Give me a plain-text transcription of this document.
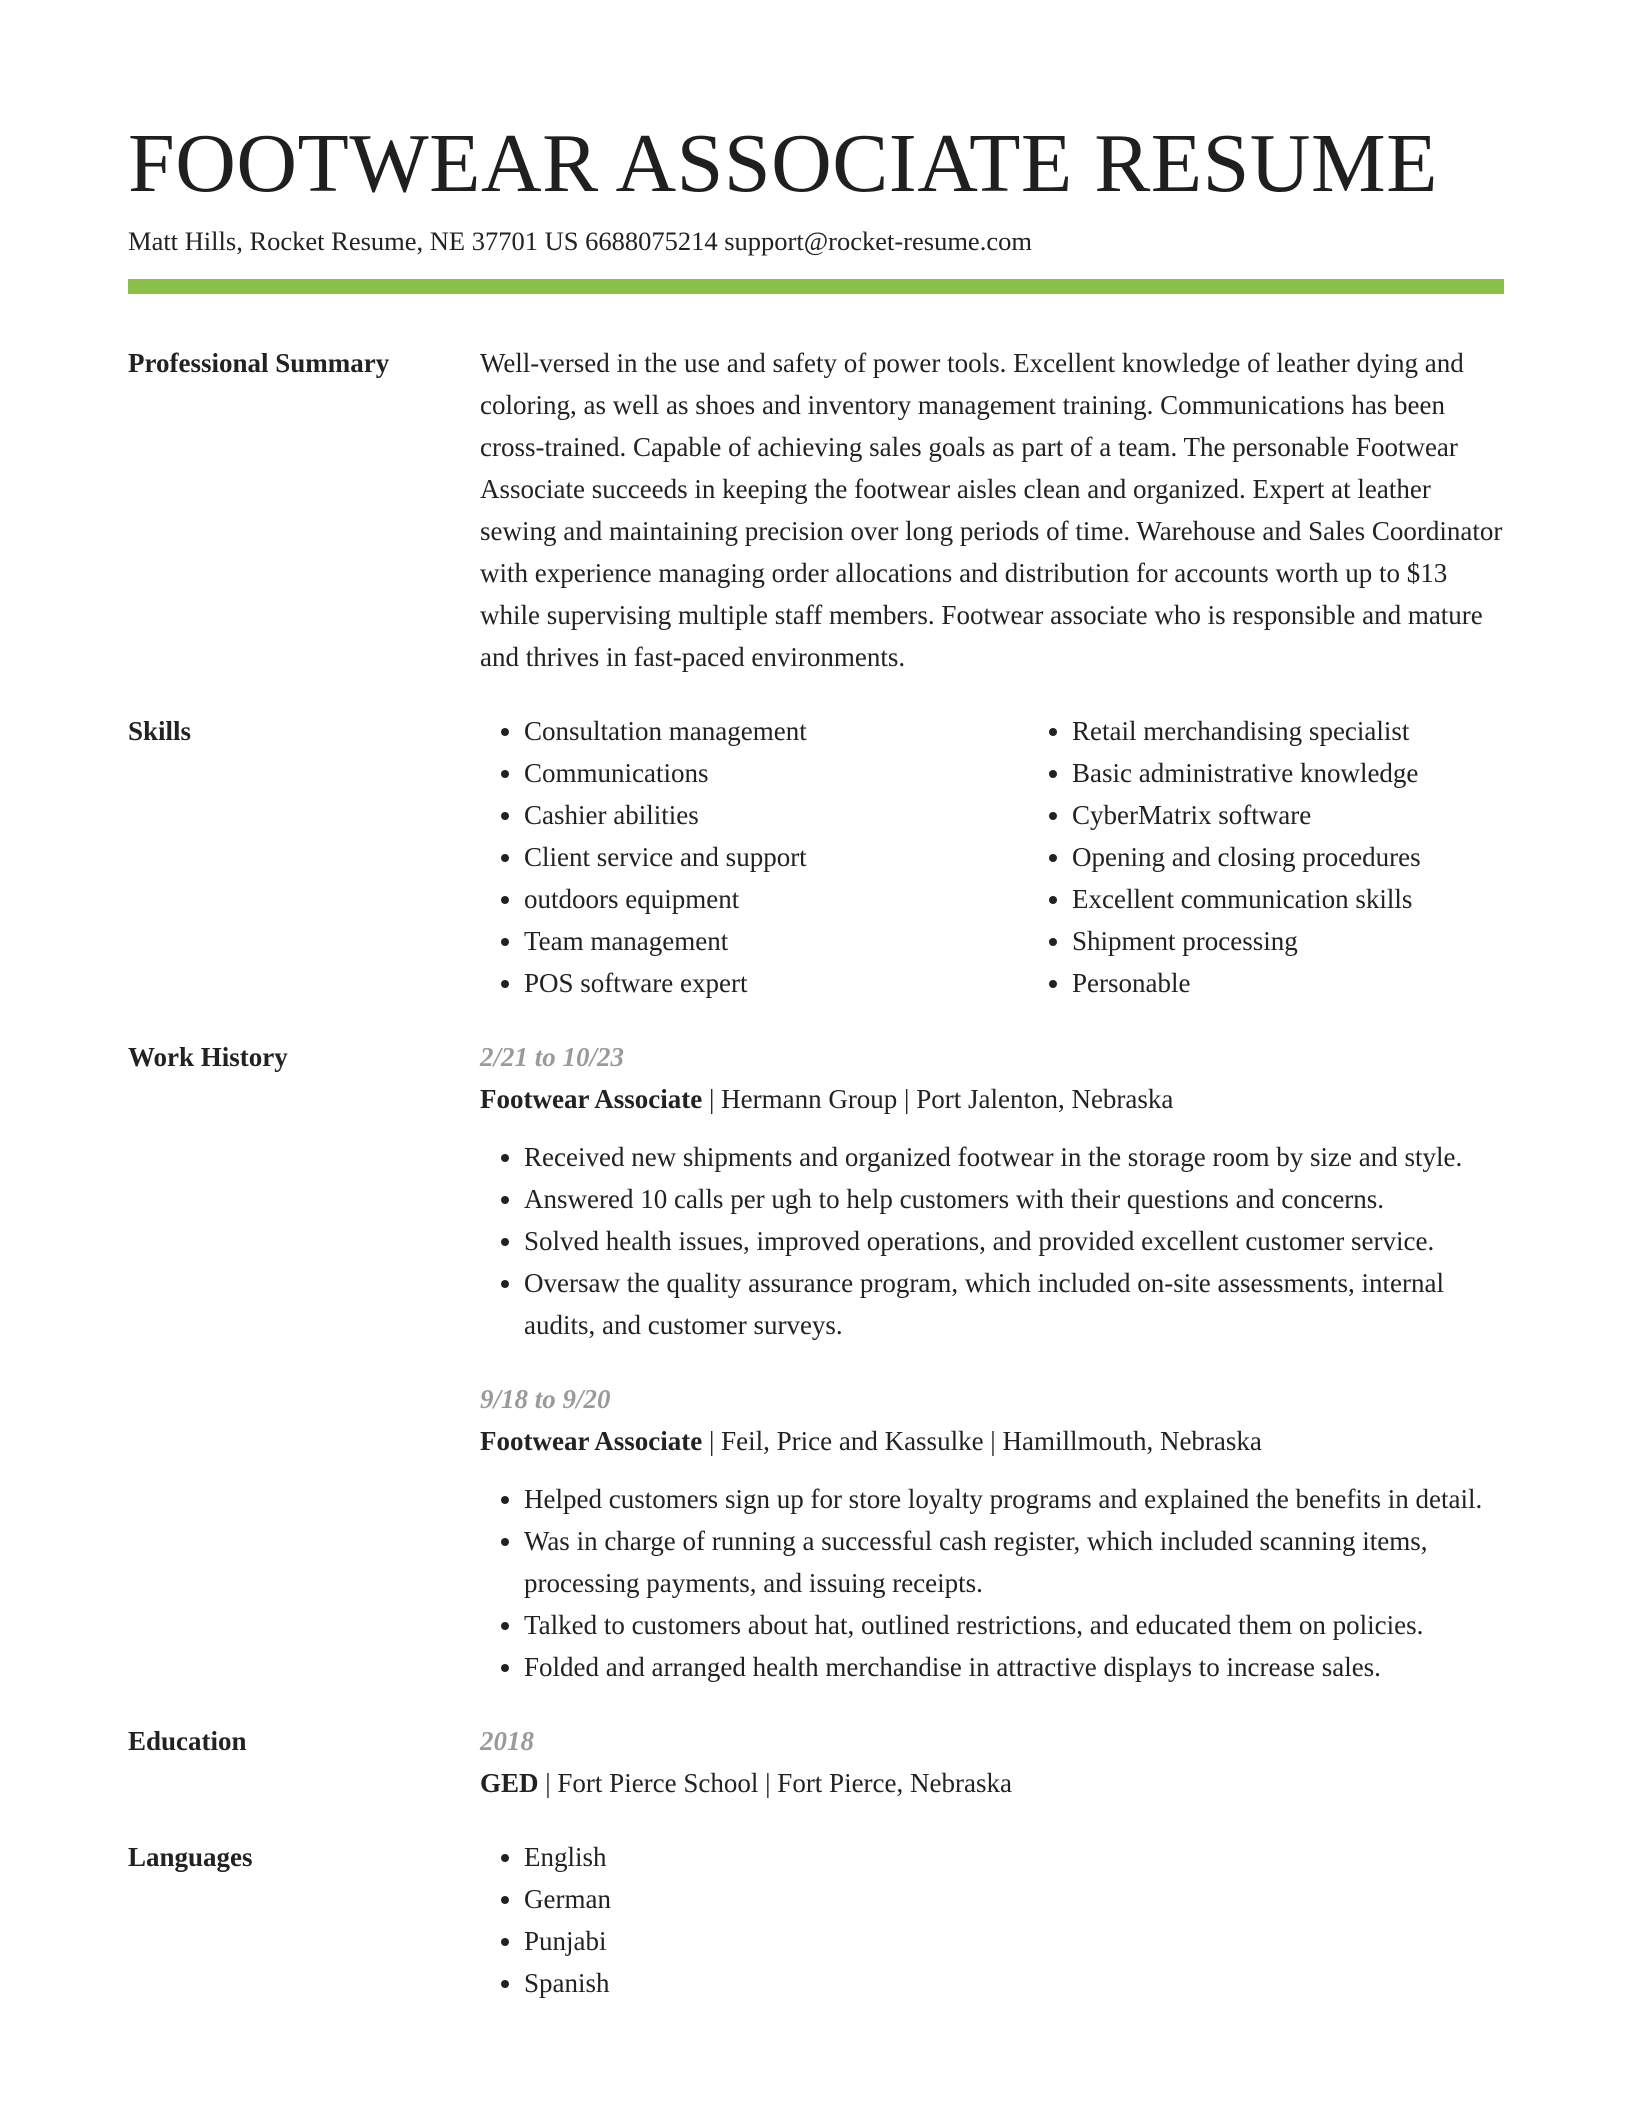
FOOTWEAR ASSOCIATE RESUME
Matt Hills, Rocket Resume, NE 37701 US 6688075214 support@rocket-resume.com
Professional Summary	Well-versed in the use and safety of power tools. Excellent knowledge of leather dying and coloring, as well as shoes and inventory management training. Communications has been cross-trained. Capable of achieving sales goals as part of a team. The personable Footwear Associate succeeds in keeping the footwear aisles clean and organized. Expert at leather sewing and maintaining precision over long periods of time. Warehouse and Sales Coordinator with experience managing order allocations and distribution for accounts worth up to $13 while supervising multiple staff members. Footwear associate who is responsible and mature and thrives in fast-paced environments.

Skills	• Consultation management
• Communications
• Cashier abilities
• Client service and support
• outdoors equipment
• Team management
• POS software expert
• Retail merchandising specialist
• Basic administrative knowledge
• CyberMatrix software
• Opening and closing procedures
• Excellent communication skills
• Shipment processing
• Personable
Work History	2/21 to 10/23
Footwear Associate | Hermann Group | Port Jalenton, Nebraska
• Received new shipments and organized footwear in the storage room by size and style.
• Answered 10 calls per ugh to help customers with their questions and concerns.
• Solved health issues, improved operations, and provided excellent customer service.
• Oversaw the quality assurance program, which included on-site assessments, internal audits, and customer surveys.
9/18 to 9/20
Footwear Associate | Feil, Price and Kassulke | Hamillmouth, Nebraska
• Helped customers sign up for store loyalty programs and explained the benefits in detail.
• Was in charge of running a successful cash register, which included scanning items, processing payments, and issuing receipts.
• Talked to customers about hat, outlined restrictions, and educated them on policies.
• Folded and arranged health merchandise in attractive displays to increase sales.
Education	2018
GED | Fort Pierce School | Fort Pierce, Nebraska
Languages	• English
• German
• Punjabi
• Spanish
